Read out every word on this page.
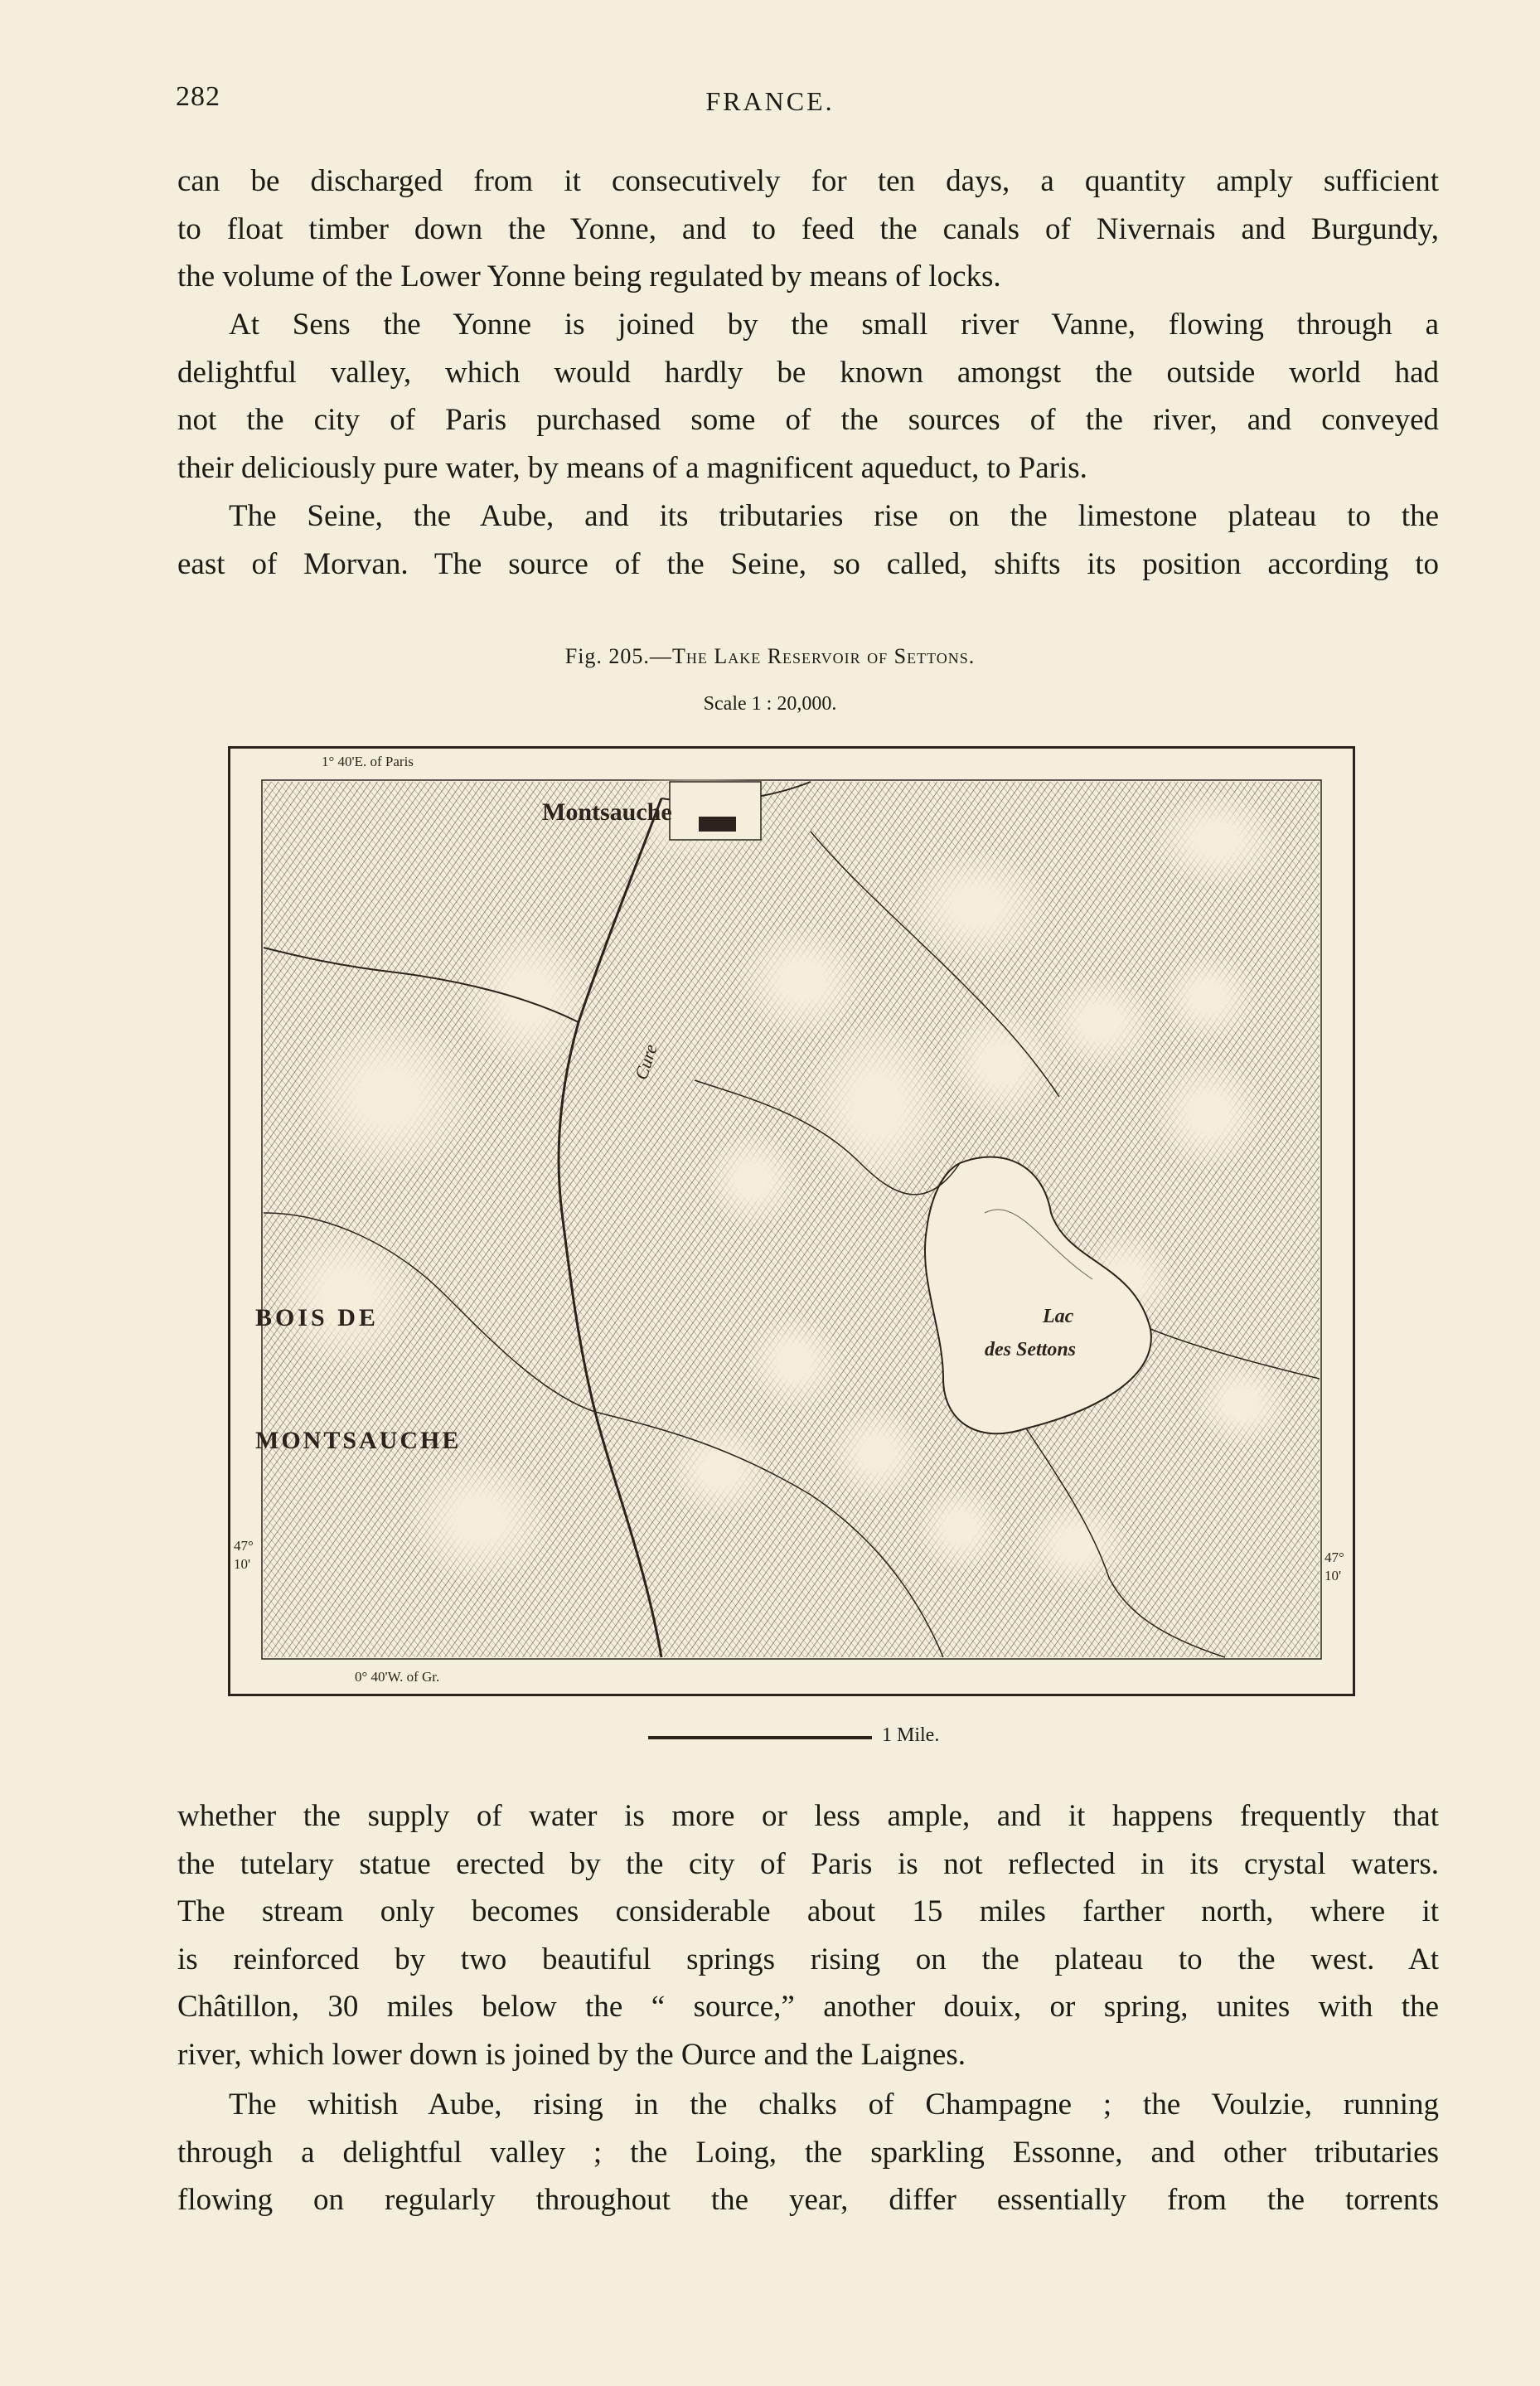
282	FRANCE.

can be discharged from it consecutively for ten days, a quantity amply sufficient
to float timber down the Yonne, and to feed the canals of Nivernais and Burgundy,
the volume of the Lower Yonne being regulated by means of locks.

At Sens the Yonne is joined by the small river Vanne, flowing through a
delightful valley, which would hardly be known amongst the outside world had
not the city of Paris purchased some of the sources of the river, and conveyed
their deliciously pure water, by means of a magnificent aqueduct, to Paris.

The Seine, the Aube, and its tributaries rise on the limestone plateau to the
east of Morvan. The source of the Seine, so called, shifts its position according to

Fig. 205.—The Lake Reservoir of Settons.
Scale 1 : 20,000.
1° 40'E. of Paris
0° 40'W. of Gr.
47°
10'	47°
10'
Montsauche
BOIS DE
MONTSAUCHE
Cure
Lac
des Settons
1 Mile.

whether the supply of water is more or less ample, and it happens frequently that
the tutelary statue erected by the city of Paris is not reflected in its crystal waters.
The stream only becomes considerable about 15 miles farther north, where it
is reinforced by two beautiful springs rising on the plateau to the west. At
Châtillon, 30 miles below the “ source,” another douix, or spring, unites with the
river, which lower down is joined by the Ource and the Laignes.

The whitish Aube, rising in the chalks of Champagne ; the Voulzie, running
through a delightful valley ; the Loing, the sparkling Essonne, and other tributaries
flowing on regularly throughout the year, differ essentially from the torrents
